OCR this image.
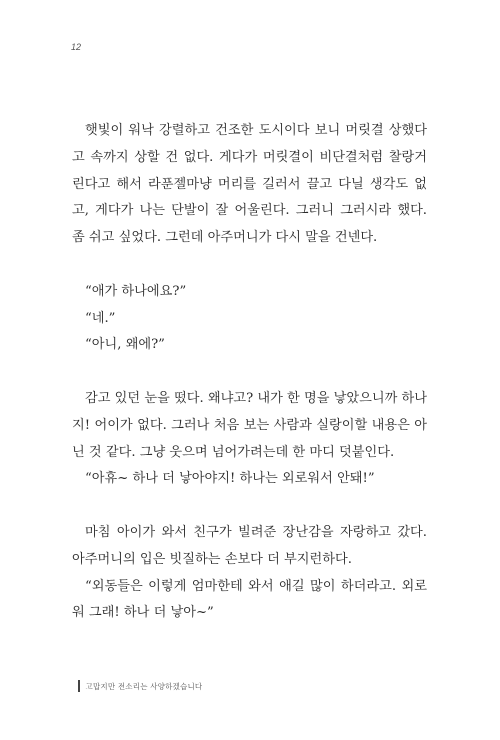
12

햇빛이 워낙 강렬하고 건조한 도시이다 보니 머릿결 상했다고 속까지 상할 건 없다. 게다가 머릿결이 비단결처럼 찰랑거린다고 해서 라푼젤마냥 머리를 길러서 끌고 다닐 생각도 없고, 게다가 나는 단발이 잘 어울린다. 그러니 그러시라 했다. 좀 쉬고 싶었다. 그런데 아주머니가 다시 말을 건넨다.

“애가 하나에요?”

“네.”

“아니, 왜에?”

감고 있던 눈을 떴다. 왜냐고? 내가 한 명을 낳았으니까 하나지! 어이가 없다. 그러나 처음 보는 사람과 실랑이할 내용은 아닌 것 같다. 그냥 웃으며 넘어가려는데 한 마디 덧붙인다.

“아휴~ 하나 더 낳아야지! 하나는 외로워서 안돼!”

마침 아이가 와서 친구가 빌려준 장난감을 자랑하고 갔다. 아주머니의 입은 빗질하는 손보다 더 부지런하다.

“외동들은 이렇게 엄마한테 와서 애길 많이 하더라고. 외로워 그래! 하나 더 낳아~”

고맙지만 전소리는 사양하겠습니다
